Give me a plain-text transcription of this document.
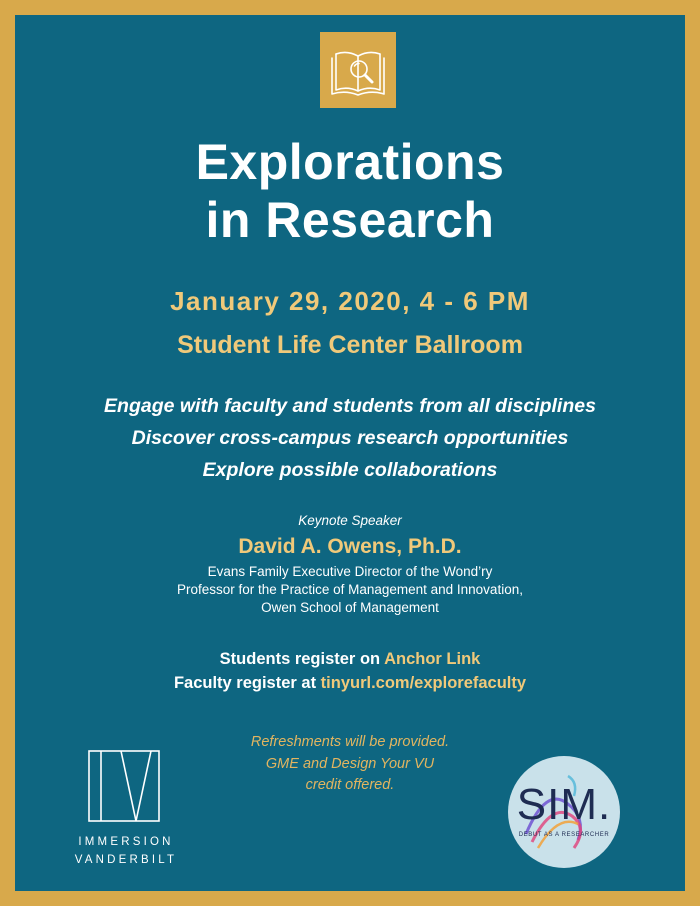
Explorations
in Research
January 29, 2020, 4 - 6 PM
Student Life Center Ballroom
Engage with faculty and students from all disciplines
Discover cross-campus research opportunities
Explore possible collaborations
Keynote Speaker
David A. Owens, Ph.D.
Evans Family Executive Director of the Wond’ry
Professor for the Practice of Management and Innovation,
Owen School of Management
Students register on Anchor Link
Faculty register at tinyurl.com/explorefaculty
Refreshments will be provided.
GME and Design Your VU
credit offered.
IMMERSION
VANDERBILT
SIM.
DEBUT AS A RESEARCHER
